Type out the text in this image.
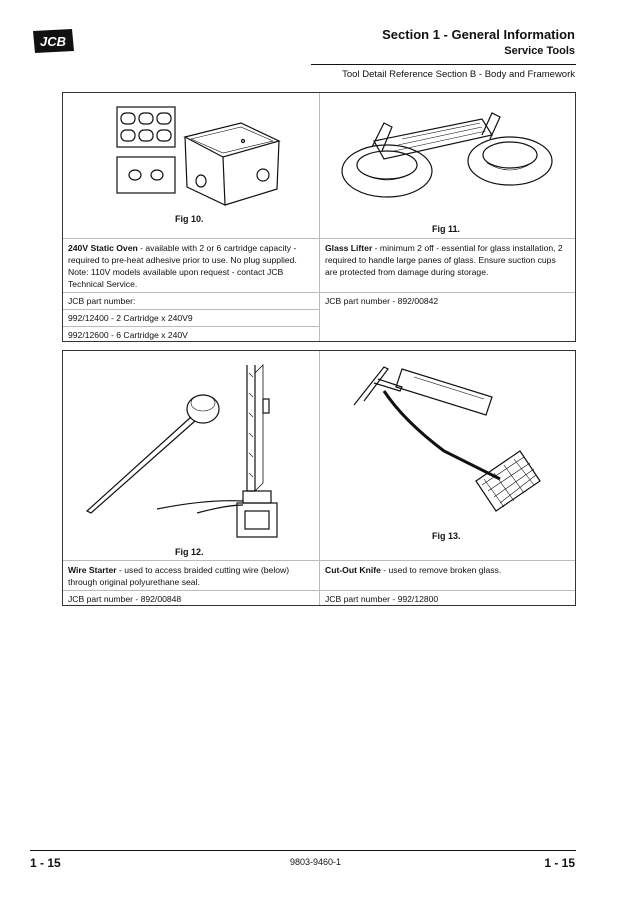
JCB	Section 1 - General Information
Service Tools
Tool Detail Reference Section B - Body and Framework
Fig 10.
240V Static Oven - available with 2 or 6 cartridge capacity - required to pre-heat adhesive prior to use. No plug supplied. Note: 110V models available upon request - contact JCB Technical Service.
JCB part number:
992/12400 - 2 Cartridge x 240V9
992/12600 - 6 Cartridge x 240V
Fig 11.
Glass Lifter - minimum 2 off - essential for glass installation, 2 required to handle large panes of glass. Ensure suction cups are protected from damage during storage.
JCB part number - 892/00842
Fig 12.
Wire Starter - used to access braided cutting wire (below) through original polyurethane seal.
JCB part number - 892/00848
Fig 13.
Cut-Out Knife - used to remove broken glass.
JCB part number - 992/12800
1 - 15	9803-9460-1	1 - 15
